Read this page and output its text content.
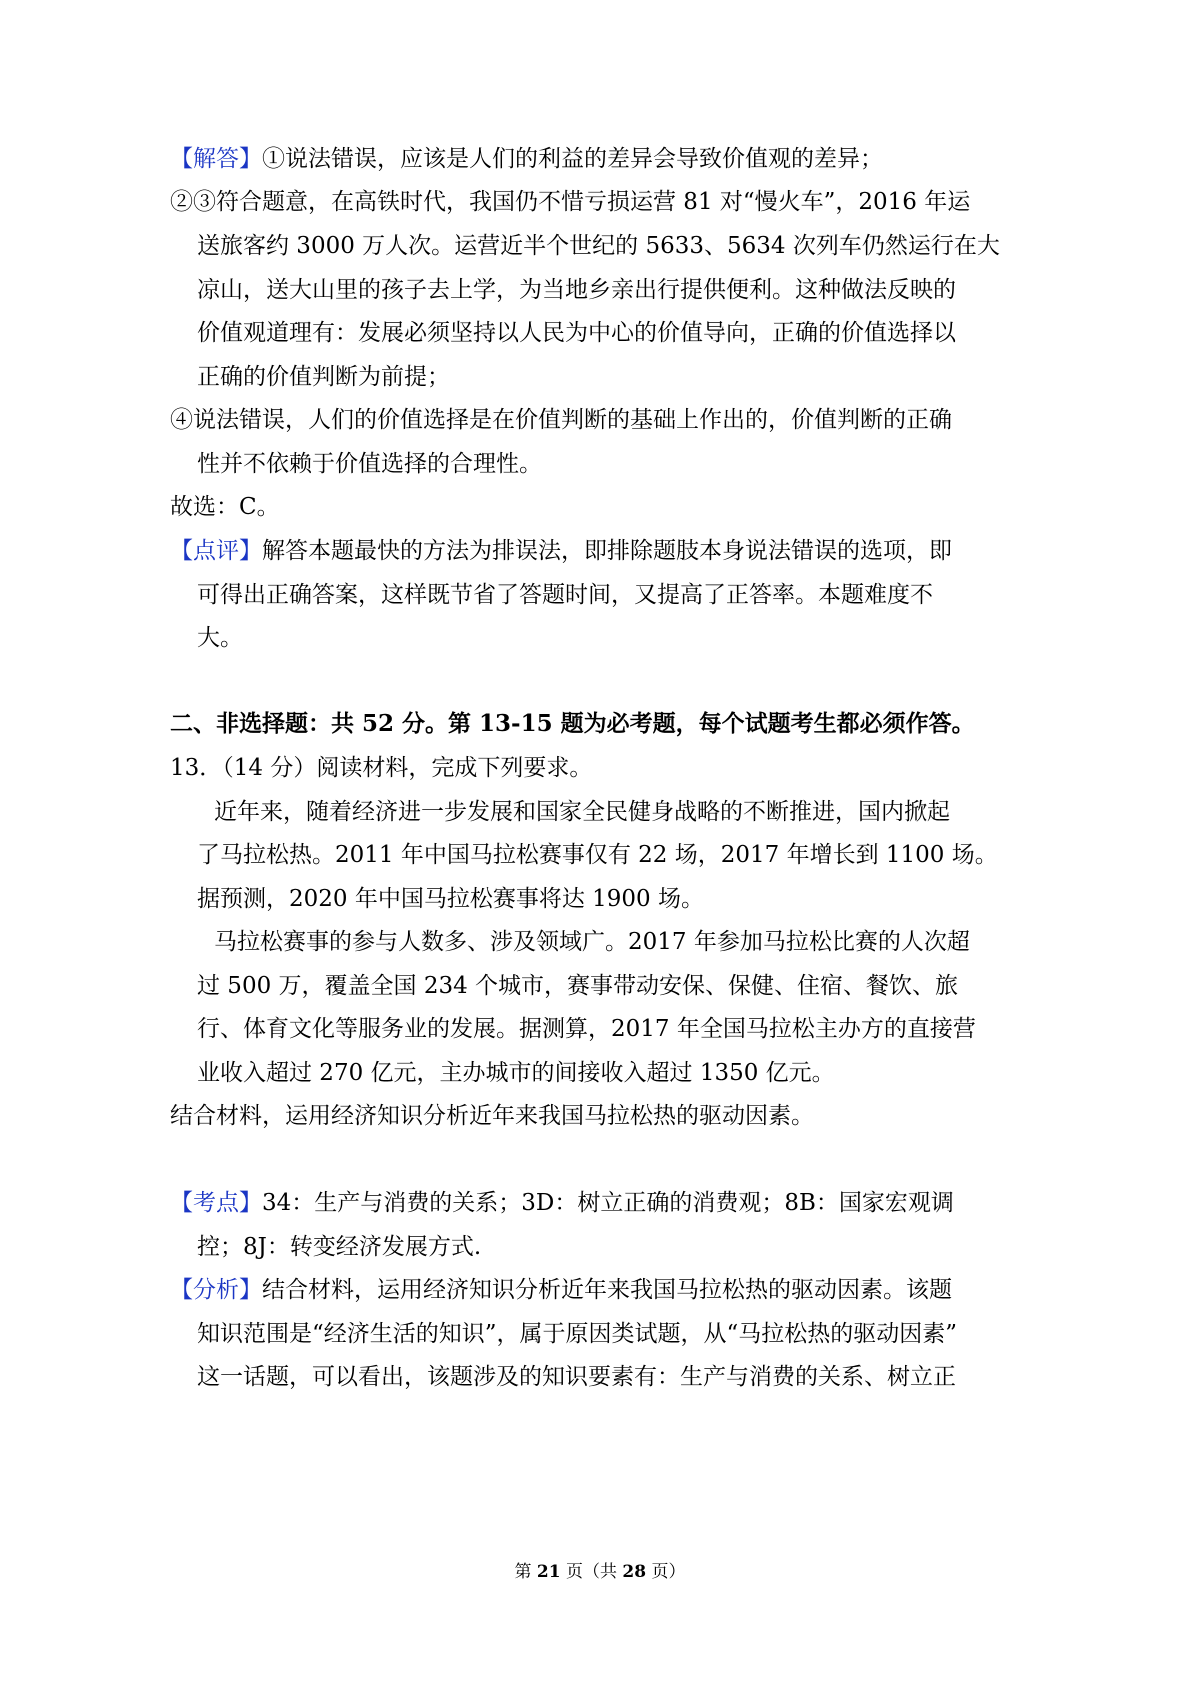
【解答】①说法错误，应该是人们的利益的差异会导致价值观的差异；
②③符合题意，在高铁时代，我国仍不惜亏损运营 81 对“慢火车”，2016 年运
送旅客约 3000 万人次。运营近半个世纪的 5633、5634 次列车仍然运行在大
凉山，送大山里的孩子去上学，为当地乡亲出行提供便利。这种做法反映的
价值观道理有：发展必须坚持以人民为中心的价值导向，正确的价值选择以
正确的价值判断为前提；
④说法错误，人们的价值选择是在价值判断的基础上作出的，价值判断的正确
性并不依赖于价值选择的合理性。
故选：C。
【点评】解答本题最快的方法为排误法，即排除题肢本身说法错误的选项，即
可得出正确答案，这样既节省了答题时间，又提高了正答率。本题难度不
大。
二、非选择题：共 52 分。第 13-15 题为必考题，每个试题考生都必须作答。
13．（14 分）阅读材料，完成下列要求。
近年来，随着经济进一步发展和国家全民健身战略的不断推进，国内掀起
了马拉松热。2011 年中国马拉松赛事仅有 22 场，2017 年增长到 1100 场。
据预测，2020 年中国马拉松赛事将达 1900 场。
马拉松赛事的参与人数多、涉及领域广。2017 年参加马拉松比赛的人次超
过 500 万，覆盖全国 234 个城市，赛事带动安保、保健、住宿、餐饮、旅
行、体育文化等服务业的发展。据测算，2017 年全国马拉松主办方的直接营
业收入超过 270 亿元，主办城市的间接收入超过 1350 亿元。
结合材料，运用经济知识分析近年来我国马拉松热的驱动因素。
【考点】34：生产与消费的关系；3D：树立正确的消费观；8B：国家宏观调
控；8J：转变经济发展方式.
【分析】结合材料，运用经济知识分析近年来我国马拉松热的驱动因素。该题
知识范围是“经济生活的知识”，属于原因类试题，从“马拉松热的驱动因素”
这一话题，可以看出，该题涉及的知识要素有：生产与消费的关系、树立正
第 21 页（共 28 页）
